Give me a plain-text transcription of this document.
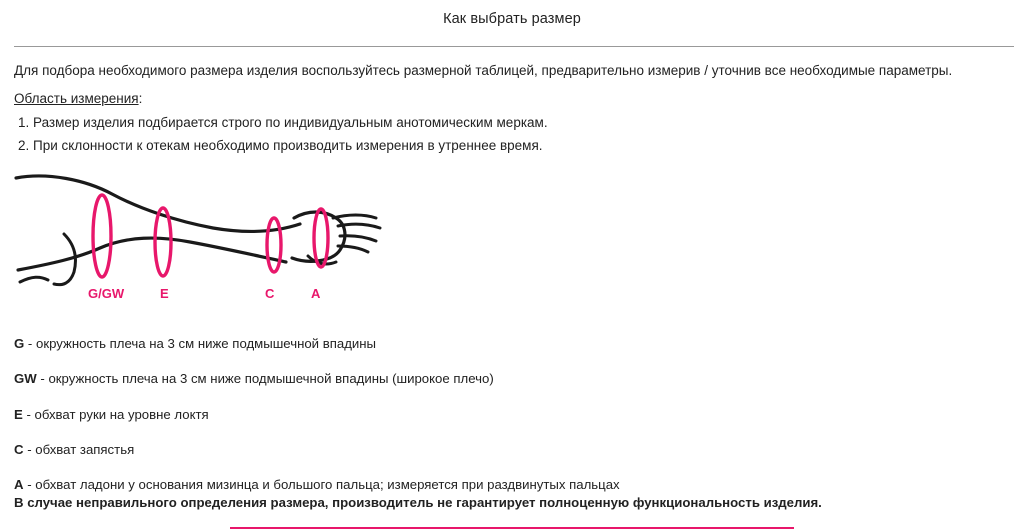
Как выбрать размер
Для подбора необходимого размера изделия воспользуйтесь размерной таблицей, предварительно измерив / уточнив все необходимые параметры.
Область измерения:
1. Размер изделия подбирается строго по индивидуальным анотомическим меркам.
2. При склонности к отекам необходимо производить измерения в утреннее время.
G/GW	E	C	A
G - окружность плеча на 3 см ниже подмышечной впадины
GW - окружность плеча на 3 см ниже подмышечной впадины (широкое плечо)
E - обхват руки на уровне локтя
C - обхват запястья
A - обхват ладони у основания мизинца и большого пальца; измеряется при раздвинутых пальцах
В случае неправильного определения размера, производитель не гарантирует полноценную функциональность изделия.
